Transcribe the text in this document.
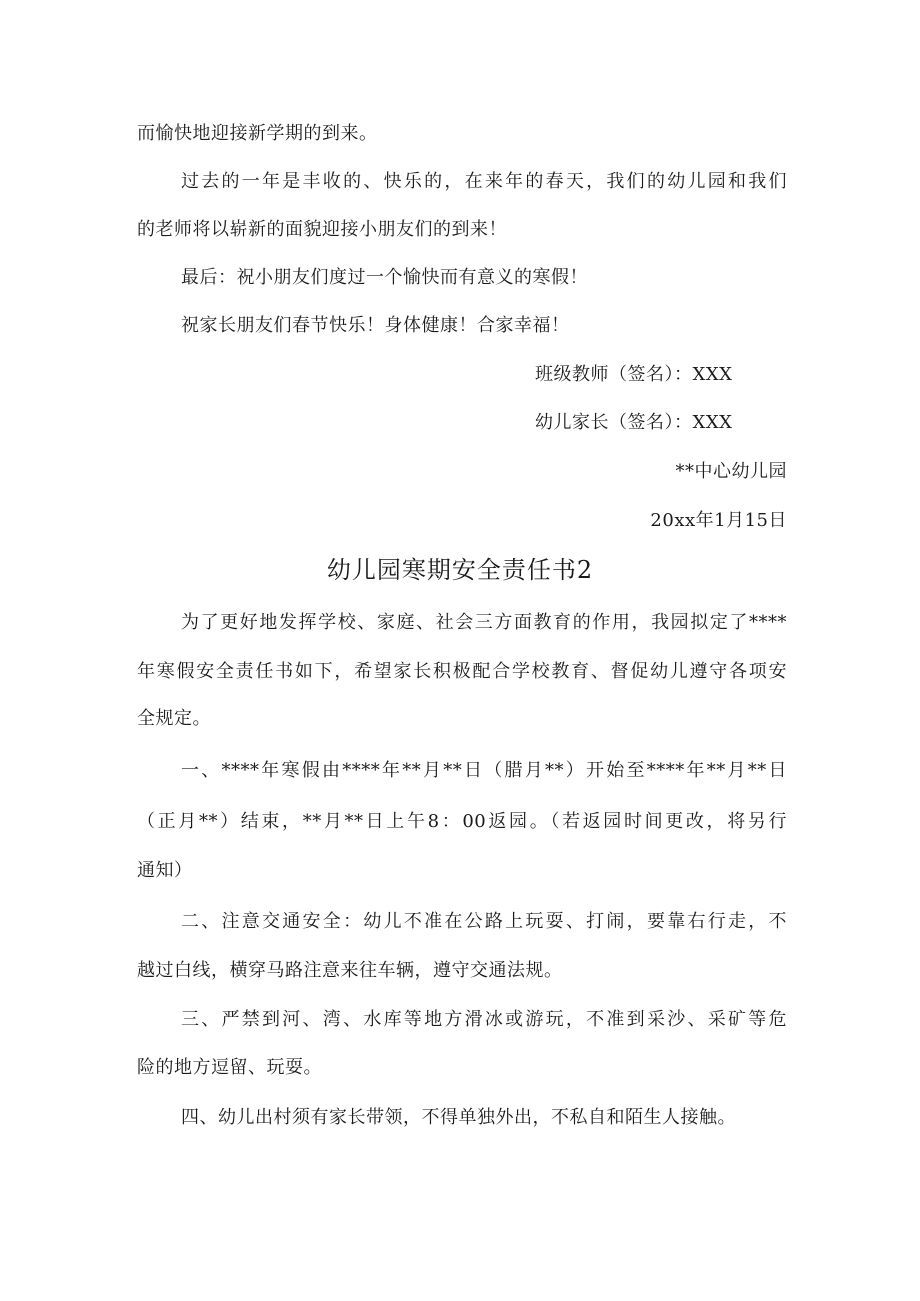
而愉快地迎接新学期的到来。
过去的一年是丰收的、快乐的，在来年的春天，我们的幼儿园和我们
的老师将以崭新的面貌迎接小朋友们的到来！
最后：祝小朋友们度过一个愉快而有意义的寒假！
祝家长朋友们春节快乐！身体健康！合家幸福！
班级教师（签名）：XXX
幼儿家长（签名）：XXX
**中心幼儿园
20xx年1月15日
幼儿园寒期安全责任书2
为了更好地发挥学校、家庭、社会三方面教育的作用，我园拟定了****
年寒假安全责任书如下，希望家长积极配合学校教育、督促幼儿遵守各项安
全规定。
一、****年寒假由****年**月**日（腊月**）开始至****年**月**日
（正月**）结束，**月**日上午8：00返园。（若返园时间更改，将另行
通知）
二、注意交通安全：幼儿不准在公路上玩耍、打闹，要靠右行走，不
越过白线，横穿马路注意来往车辆，遵守交通法规。
三、严禁到河、湾、水库等地方滑冰或游玩，不准到采沙、采矿等危
险的地方逗留、玩耍。
四、幼儿出村须有家长带领，不得单独外出，不私自和陌生人接触。
